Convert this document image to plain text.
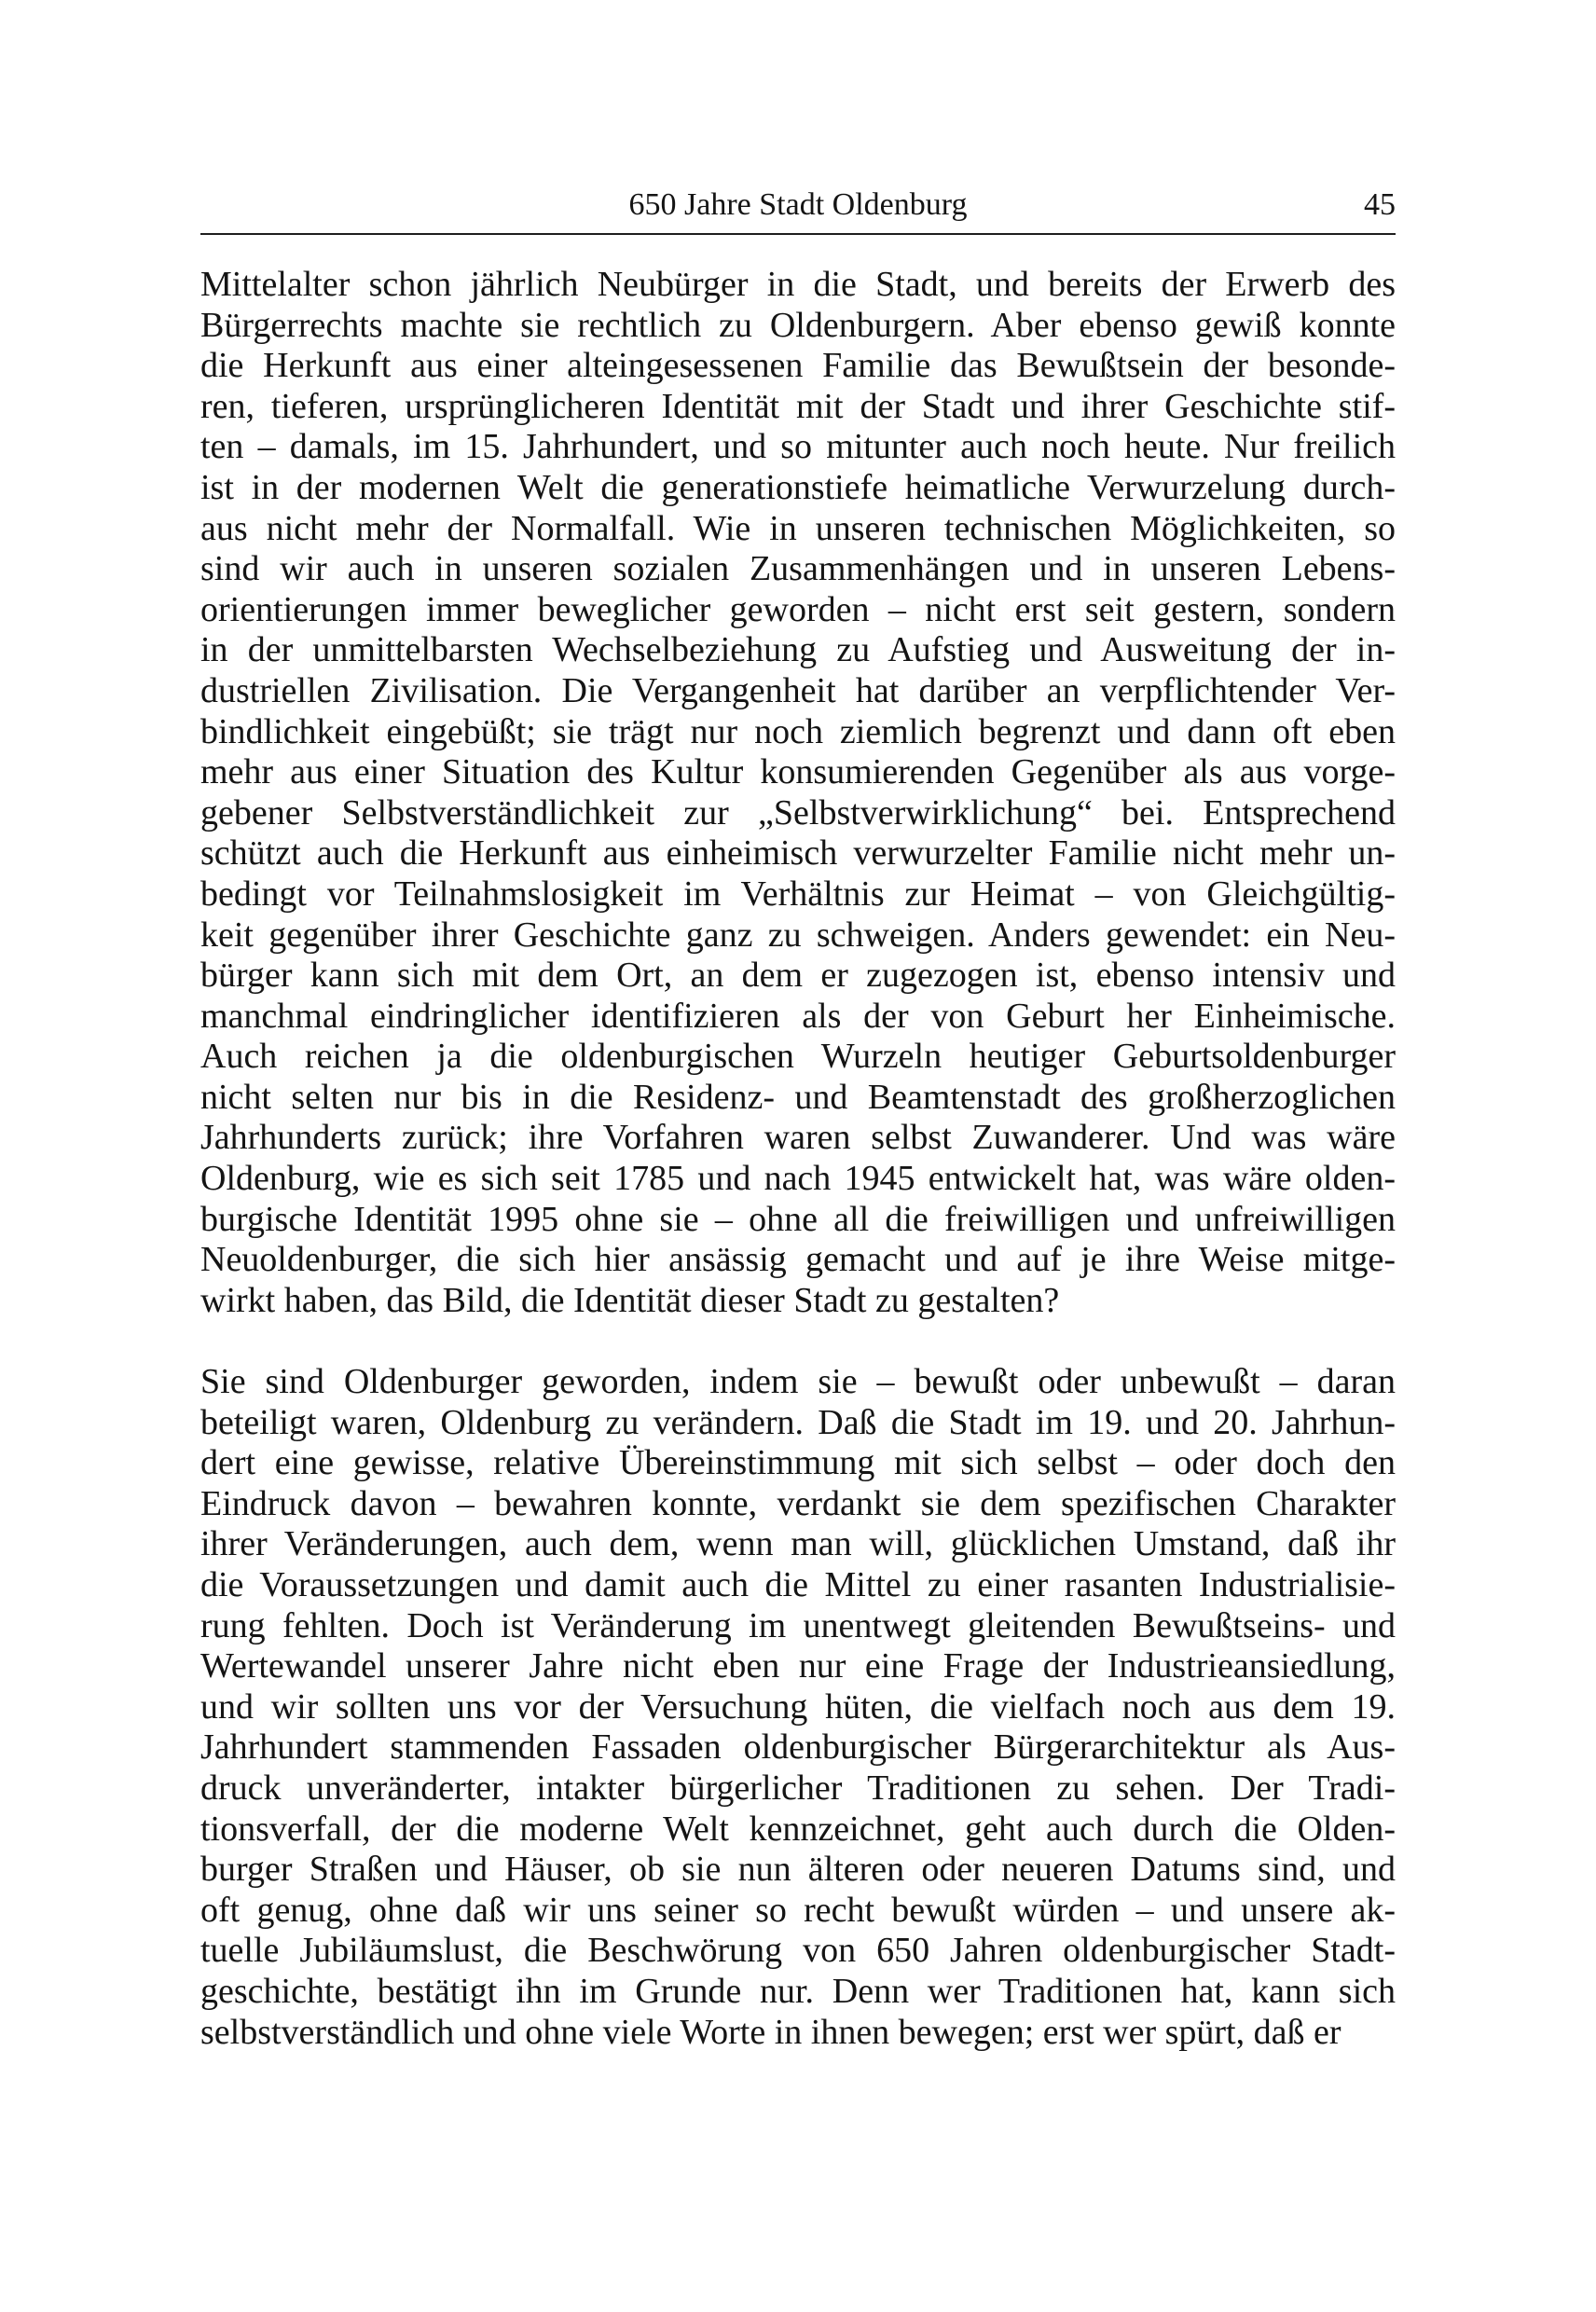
650 Jahre Stadt Oldenburg	45
Mittelalter schon jährlich Neubürger in die Stadt, und bereits der Erwerb des
Bürgerrechts machte sie rechtlich zu Oldenburgern. Aber ebenso gewiß konnte
die Herkunft aus einer alteingesessenen Familie das Bewußtsein der besonde-
ren, tieferen, ursprünglicheren Identität mit der Stadt und ihrer Geschichte stif-
ten – damals, im 15. Jahrhundert, und so mitunter auch noch heute. Nur freilich
ist in der modernen Welt die generationstiefe heimatliche Verwurzelung durch-
aus nicht mehr der Normalfall. Wie in unseren technischen Möglichkeiten, so
sind wir auch in unseren sozialen Zusammenhängen und in unseren Lebens-
orientierungen immer beweglicher geworden – nicht erst seit gestern, sondern
in der unmittelbarsten Wechselbeziehung zu Aufstieg und Ausweitung der in-
dustriellen Zivilisation. Die Vergangenheit hat darüber an verpflichtender Ver-
bindlichkeit eingebüßt; sie trägt nur noch ziemlich begrenzt und dann oft eben
mehr aus einer Situation des Kultur konsumierenden Gegenüber als aus vorge-
gebener Selbstverständlichkeit zur „Selbstverwirklichung“ bei. Entsprechend
schützt auch die Herkunft aus einheimisch verwurzelter Familie nicht mehr un-
bedingt vor Teilnahmslosigkeit im Verhältnis zur Heimat – von Gleichgültig-
keit gegenüber ihrer Geschichte ganz zu schweigen. Anders gewendet: ein Neu-
bürger kann sich mit dem Ort, an dem er zugezogen ist, ebenso intensiv und
manchmal eindringlicher identifizieren als der von Geburt her Einheimische.
Auch reichen ja die oldenburgischen Wurzeln heutiger Geburtsoldenburger
nicht selten nur bis in die Residenz- und Beamtenstadt des großherzoglichen
Jahrhunderts zurück; ihre Vorfahren waren selbst Zuwanderer. Und was wäre
Oldenburg, wie es sich seit 1785 und nach 1945 entwickelt hat, was wäre olden-
burgische Identität 1995 ohne sie – ohne all die freiwilligen und unfreiwilligen
Neuoldenburger, die sich hier ansässig gemacht und auf je ihre Weise mitge-
wirkt haben, das Bild, die Identität dieser Stadt zu gestalten?
Sie sind Oldenburger geworden, indem sie – bewußt oder unbewußt – daran
beteiligt waren, Oldenburg zu verändern. Daß die Stadt im 19. und 20. Jahrhun-
dert eine gewisse, relative Übereinstimmung mit sich selbst – oder doch den
Eindruck davon – bewahren konnte, verdankt sie dem spezifischen Charakter
ihrer Veränderungen, auch dem, wenn man will, glücklichen Umstand, daß ihr
die Voraussetzungen und damit auch die Mittel zu einer rasanten Industrialisie-
rung fehlten. Doch ist Veränderung im unentwegt gleitenden Bewußtseins- und
Wertewandel unserer Jahre nicht eben nur eine Frage der Industrieansiedlung,
und wir sollten uns vor der Versuchung hüten, die vielfach noch aus dem 19.
Jahrhundert stammenden Fassaden oldenburgischer Bürgerarchitektur als Aus-
druck unveränderter, intakter bürgerlicher Traditionen zu sehen. Der Tradi-
tionsverfall, der die moderne Welt kennzeichnet, geht auch durch die Olden-
burger Straßen und Häuser, ob sie nun älteren oder neueren Datums sind, und
oft genug, ohne daß wir uns seiner so recht bewußt würden – und unsere ak-
tuelle Jubiläumslust, die Beschwörung von 650 Jahren oldenburgischer Stadt-
geschichte, bestätigt ihn im Grunde nur. Denn wer Traditionen hat, kann sich
selbstverständlich und ohne viele Worte in ihnen bewegen; erst wer spürt, daß er
